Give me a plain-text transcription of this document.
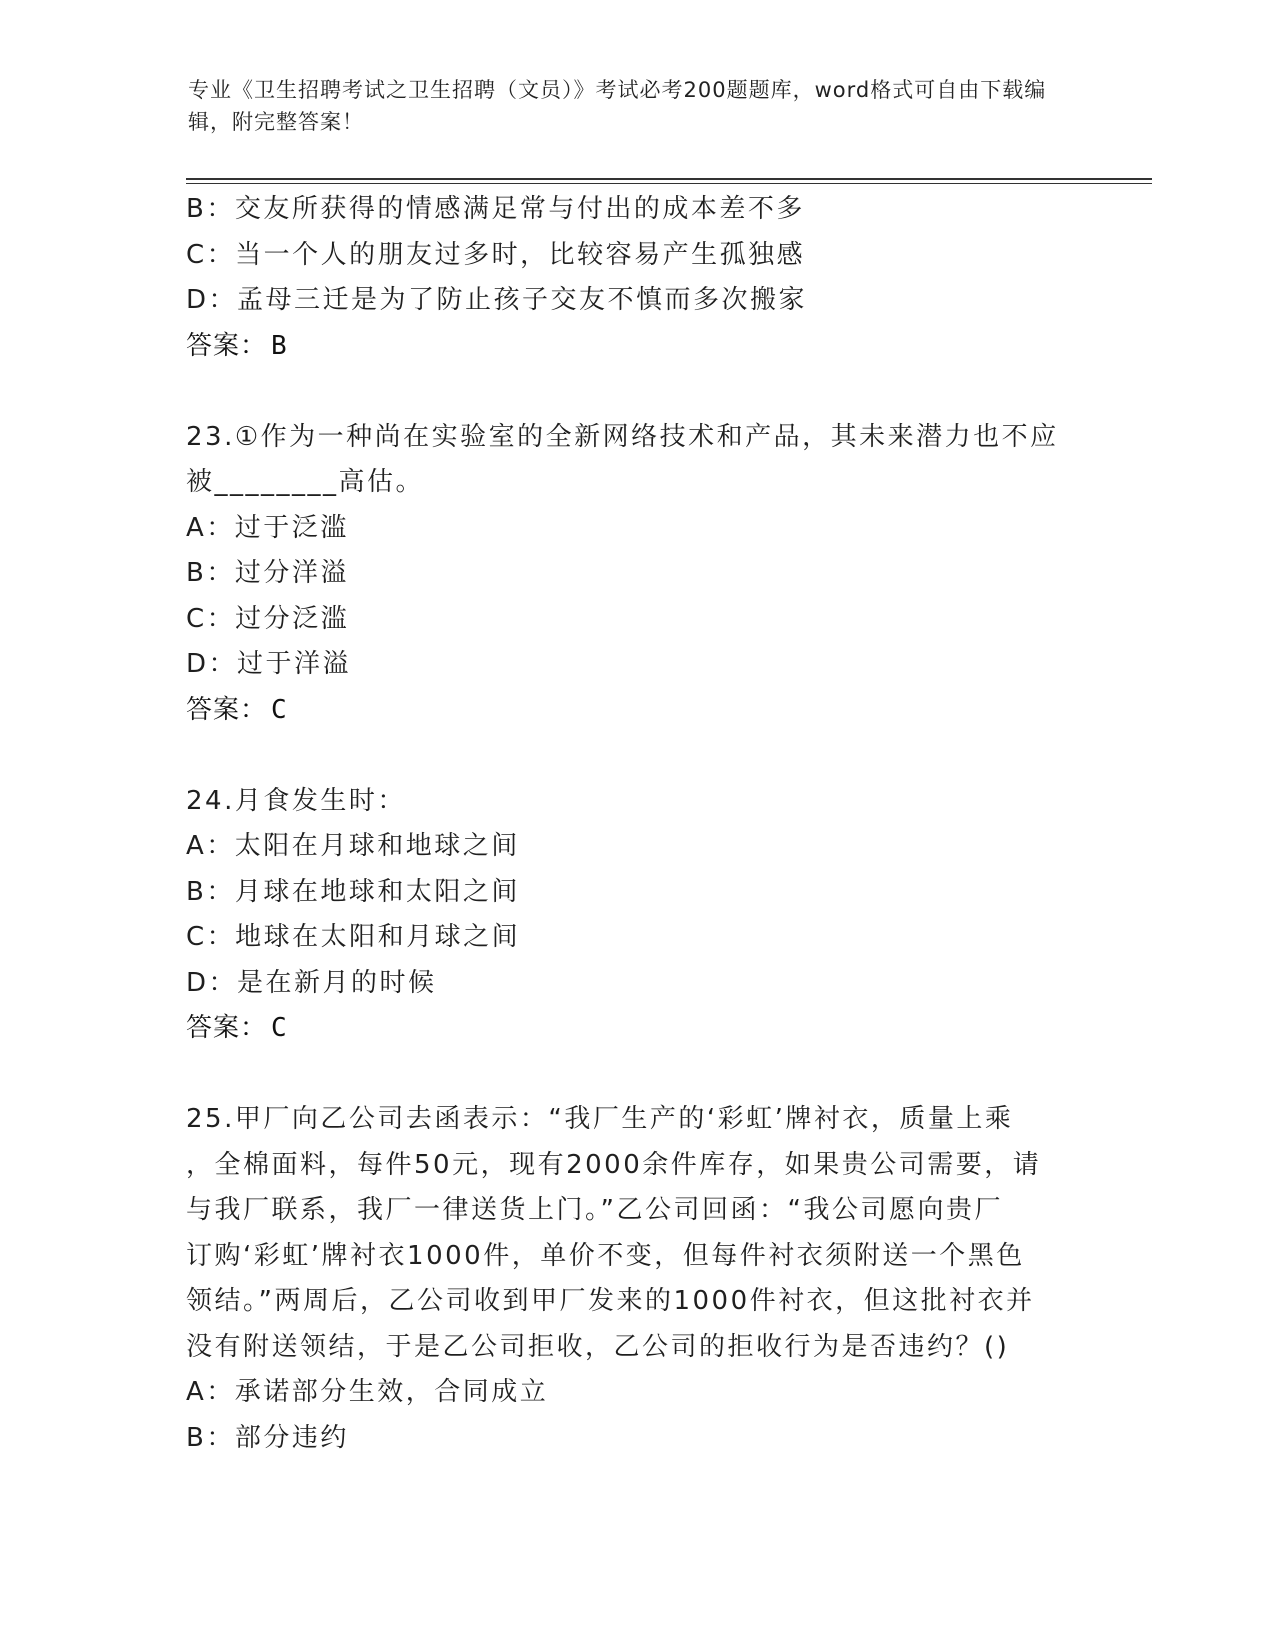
专业《卫生招聘考试之卫生招聘（文员）》考试必考200题题库，word格式可自由下载编辑，附完整答案！
B：交友所获得的情感满足常与付出的成本差不多
C：当一个人的朋友过多时，比较容易产生孤独感
D：孟母三迁是为了防止孩子交友不慎而多次搬家
答案： B
23.①作为一种尚在实验室的全新网络技术和产品，其未来潜力也不应
被________高估。
A：过于泛滥
B：过分洋溢
C：过分泛滥
D：过于洋溢
答案： C
24.月食发生时：
A：太阳在月球和地球之间
B：月球在地球和太阳之间
C：地球在太阳和月球之间
D：是在新月的时候
答案： C
25.甲厂向乙公司去函表示：“我厂生产的‘彩虹’牌衬衣，质量上乘
，全棉面料，每件50元，现有2000余件库存，如果贵公司需要，请
与我厂联系，我厂一律送货上门。”乙公司回函：“我公司愿向贵厂
订购‘彩虹’牌衬衣1000件，单价不变，但每件衬衣须附送一个黑色
领结。”两周后，乙公司收到甲厂发来的1000件衬衣，但这批衬衣并
没有附送领结，于是乙公司拒收，乙公司的拒收行为是否违约？()
A：承诺部分生效，合同成立
B：部分违约
